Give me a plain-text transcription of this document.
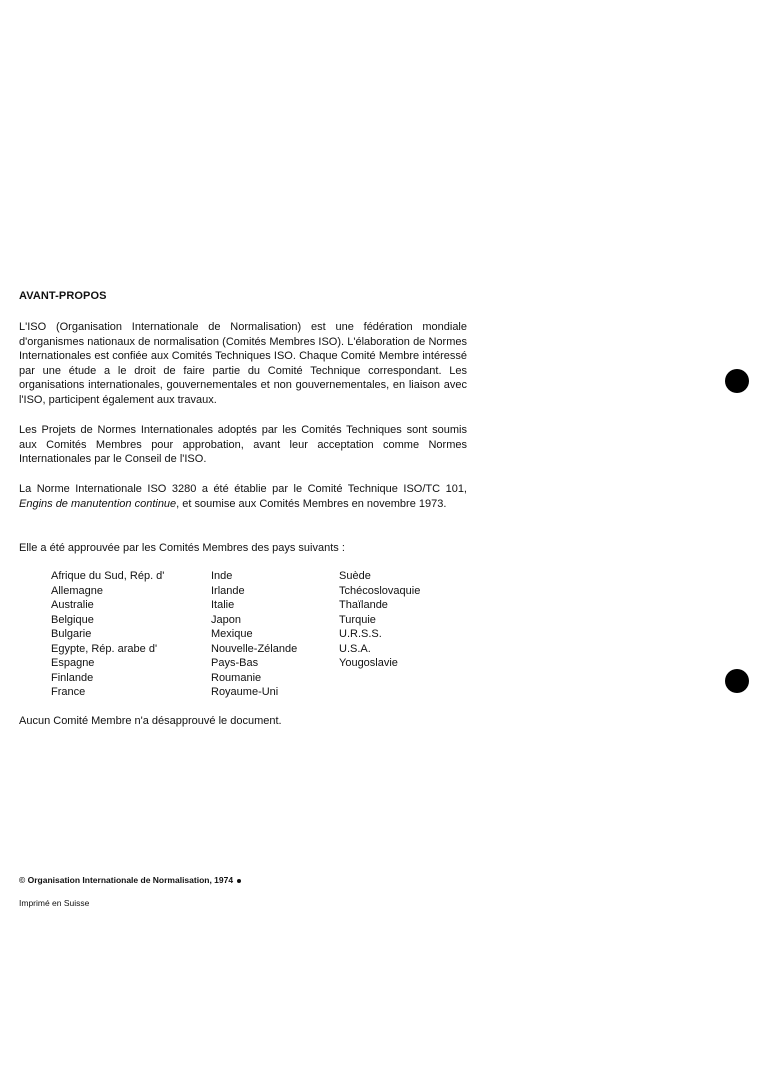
AVANT-PROPOS
L'ISO (Organisation Internationale de Normalisation) est une fédération mondiale d'organismes nationaux de normalisation (Comités Membres ISO). L'élaboration de Normes Internationales est confiée aux Comités Techniques ISO. Chaque Comité Membre intéressé par une étude a le droit de faire partie du Comité Technique correspondant. Les organisations internationales, gouvernementales et non gouvernementales, en liaison avec l'ISO, participent également aux travaux.
Les Projets de Normes Internationales adoptés par les Comités Techniques sont soumis aux Comités Membres pour approbation, avant leur acceptation comme Normes Internationales par le Conseil de l'ISO.
La Norme Internationale ISO 3280 a été établie par le Comité Technique ISO/TC 101, Engins de manutention continue, et soumise aux Comités Membres en novembre 1973.
Elle a été approuvée par les Comités Membres des pays suivants :
Afrique du Sud, Rép. d'
Allemagne
Australie
Belgique
Bulgarie
Egypte, Rép. arabe d'
Espagne
Finlande
France
Inde
Irlande
Italie
Japon
Mexique
Nouvelle-Zélande
Pays-Bas
Roumanie
Royaume-Uni
Suède
Tchécoslovaquie
Thaïlande
Turquie
U.R.S.S.
U.S.A.
Yougoslavie
Aucun Comité Membre n'a désapprouvé le document.
© Organisation Internationale de Normalisation, 1974
Imprimé en Suisse
